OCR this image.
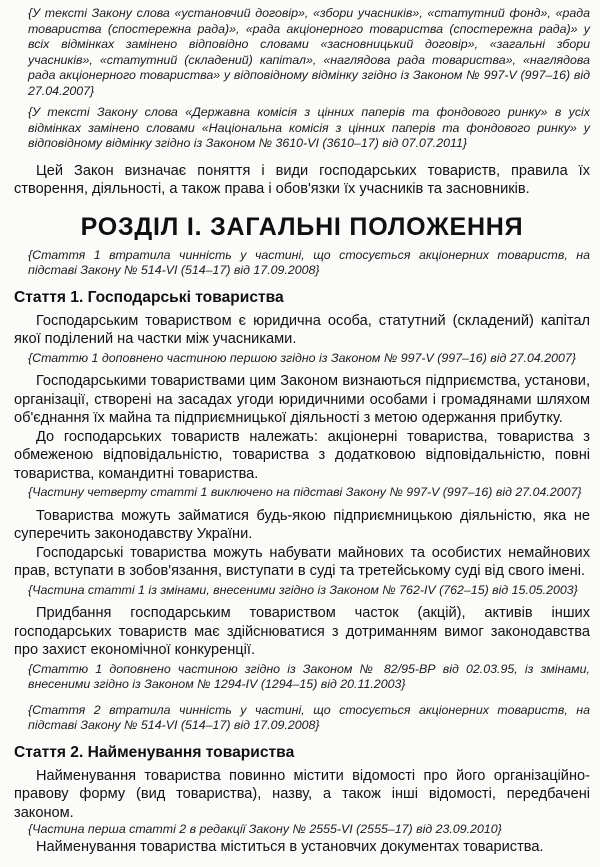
{У тексті Закону слова «установчий договір», «збори учасників», «статутний фонд», «рада товариства (спостережна рада)», «рада акціонерного товариства (спостережна рада)» у всіх відмінках замінено відповідно словами «засновницький договір», «загальні збори учасників», «статутний (складений) капітал», «наглядова рада товариства», «наглядова рада акціонерного товариства» у відповідному відмінку згідно із Законом № 997-V (997–16) від 27.04.2007}

{У тексті Закону слова «Державна комісія з цінних паперів та фондового ринку» в усіх відмінках замінено словами «Національна комісія з цінних паперів та фондового ринку» у відповідному відмінку згідно із Законом № 3610-VI (3610–17) від 07.07.2011}

Цей Закон визначає поняття і види господарських товариств, правила їх створення, діяльності, а також права і обов'язки їх учасників та засновників.

РОЗДІЛ І. ЗАГАЛЬНІ ПОЛОЖЕННЯ

{Стаття 1 втратила чинність у частині, що стосується акціонерних товариств, на підставі Закону № 514-VI (514–17) від 17.09.2008}

Стаття 1. Господарські товариства

Господарським товариством є юридична особа, статутний (складений) капітал якої поділений на частки між учасниками.

{Статтю 1 доповнено частиною першою згідно із Законом № 997-V (997–16) від 27.04.2007}

Господарськими товариствами цим Законом визнаються підприємства, установи, організації, створені на засадах угоди юридичними особами і громадянами шляхом об'єднання їх майна та підприємницької діяльності з метою одержання прибутку.

До господарських товариств належать: акціонерні товариства, товариства з обмеженою відповідальністю, товариства з додатковою відповідальністю, повні товариства, командитні товариства.

{Частину четверту статті 1 виключено на підставі Закону № 997-V (997–16) від 27.04.2007}

Товариства можуть займатися будь-якою підприємницькою діяльністю, яка не суперечить законодавству України.

Господарські товариства можуть набувати майнових та особистих немайнових прав, вступати в зобов'язання, виступати в суді та третейському суді від свого імені.

{Частина статті 1 із змінами, внесеними згідно із Законом № 762-IV (762–15) від 15.05.2003}

Придбання господарським товариством часток (акцій), активів інших господарських товариств має здійснюватися з дотриманням вимог законодавства про захист економічної конкуренції.

{Статтю 1 доповнено частиною згідно із Законом № 82/95-ВР від 02.03.95, із змінами, внесеними згідно із Законом № 1294-IV (1294–15) від 20.11.2003}

{Стаття 2 втратила чинність у частині, що стосується акціонерних товариств, на підставі Закону № 514-VI (514–17) від 17.09.2008}

Стаття 2. Найменування товариства

Найменування товариства повинно містити відомості про його організаційно-правову форму (вид товариства), назву, а також інші відомості, передбачені законом.

{Частина перша статті 2 в редакції Закону № 2555-VI (2555–17) від 23.09.2010}

Найменування товариства міститься в установчих документах товариства.
